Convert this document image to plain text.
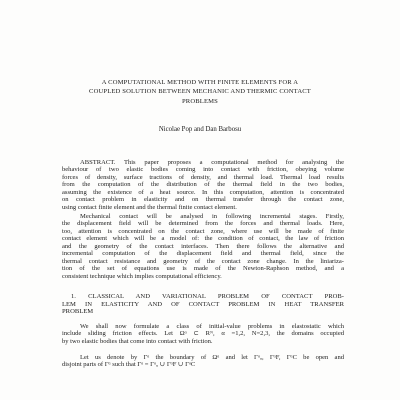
A COMPUTATIONAL METHOD WITH FINITE ELEMENTS FOR A
COUPLED SOLUTION BETWEEN MECHANIC AND THERMIC CONTACT
PROBLEMS
Nicolae Pop and Dan Barbosu
ABSTRACT. This paper proposes a computational method for analysing the
behaviour of two elastic bodies coming into contact with friction, obeying volume
forces of density, surface tractions of density, and thermal load. Thermal load results
from the computation of the distribution of the thermal field in the two bodies,
assuming the existence of a heat source. In this computation, attention is concentrated
on contact problem in elasticity and on thermal transfer through the contact zone,
using contact finite element and the thermal finite contact element.
Mechanical contact will be analysed in following incremental stages. Firstly,
the displacement field will be determined from the forces and thermal loads. Here,
too, attention is concentrated on the contact zone, where use will be made of finite
contact element which will be a model of: the condition of contact, the law of friction
and the geometry of the contact interfaces. Then there follows the alternative and
incremental computation of the displacement field and thermal field, since the
thermal contact resistance and geometry of the contact zone change. In the liniariza-
tion of the set of equations use is made of the Newton-Raphson method, and a
consistent technique which implies computational efficiency.
1. CLASSICAL AND VARIATIONAL PROBLEM OF CONTACT PROB-
LEM IN ELASTICITY AND OF CONTACT PROBLEM IN HEAT TRANSFER
PROBLEM
We shall now formulate a class of initial-value problems in elastostatic which
include sliding friction effects. Let Ωᵅ ⊂ Rᴺ, α =1,2, N=2,3, the domains occupied
by two elastic bodies that come into contact with friction.
Let us denote by Γᵅ the boundary of Ωᵅ and let Γᵅᵤ, ΓᵅF, ΓᵅC be open and
disjoint parts of Γᵅ such that Γᵅ = Γᵅᵤ ∪ ΓᵅF ∪ ΓᵅC
